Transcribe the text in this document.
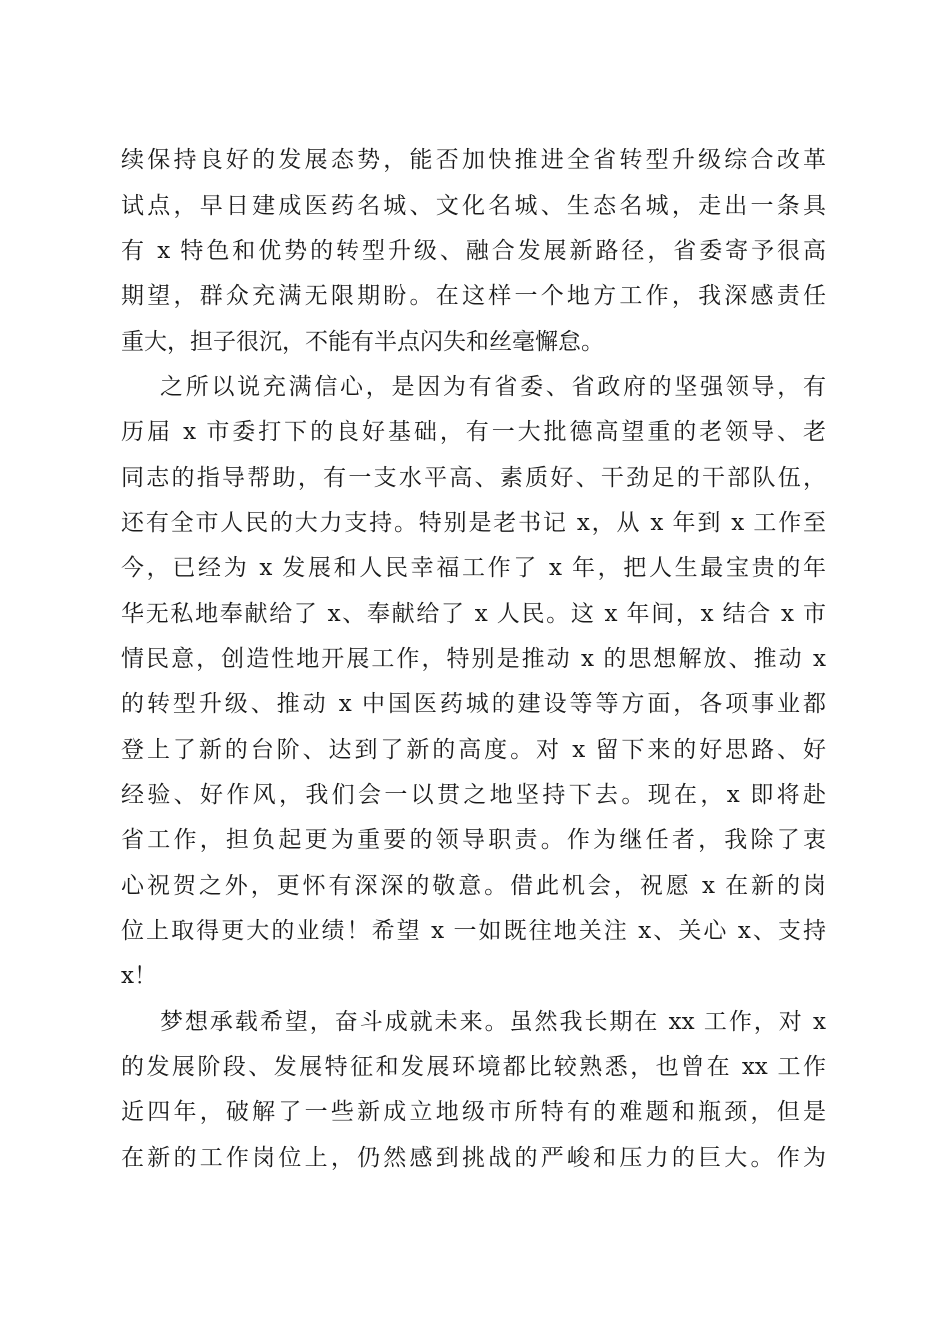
续保持良好的发展态势，能否加快推进全省转型升级综合改革
试点，早日建成医药名城、文化名城、生态名城，走出一条具
有 x 特色和优势的转型升级、融合发展新路径，省委寄予很高
期望，群众充满无限期盼。在这样一个地方工作，我深感责任
重大，担子很沉，不能有半点闪失和丝毫懈怠。
之所以说充满信心，是因为有省委、省政府的坚强领导，有
历届 x 市委打下的良好基础，有一大批德高望重的老领导、老
同志的指导帮助，有一支水平高、素质好、干劲足的干部队伍，
还有全市人民的大力支持。特别是老书记 x，从 x 年到 x 工作至
今，已经为 x 发展和人民幸福工作了 x 年，把人生最宝贵的年
华无私地奉献给了 x、奉献给了 x 人民。这 x 年间，x 结合 x 市
情民意，创造性地开展工作，特别是推动 x 的思想解放、推动 x
的转型升级、推动 x 中国医药城的建设等等方面，各项事业都
登上了新的台阶、达到了新的高度。对 x 留下来的好思路、好
经验、好作风，我们会一以贯之地坚持下去。现在，x 即将赴
省工作，担负起更为重要的领导职责。作为继任者，我除了衷
心祝贺之外，更怀有深深的敬意。借此机会，祝愿 x 在新的岗
位上取得更大的业绩！希望 x 一如既往地关注 x、关心 x、支持
x！
梦想承载希望，奋斗成就未来。虽然我长期在 xx 工作，对 x
的发展阶段、发展特征和发展环境都比较熟悉，也曾在 xx 工作
近四年，破解了一些新成立地级市所特有的难题和瓶颈，但是
在新的工作岗位上，仍然感到挑战的严峻和压力的巨大。作为
